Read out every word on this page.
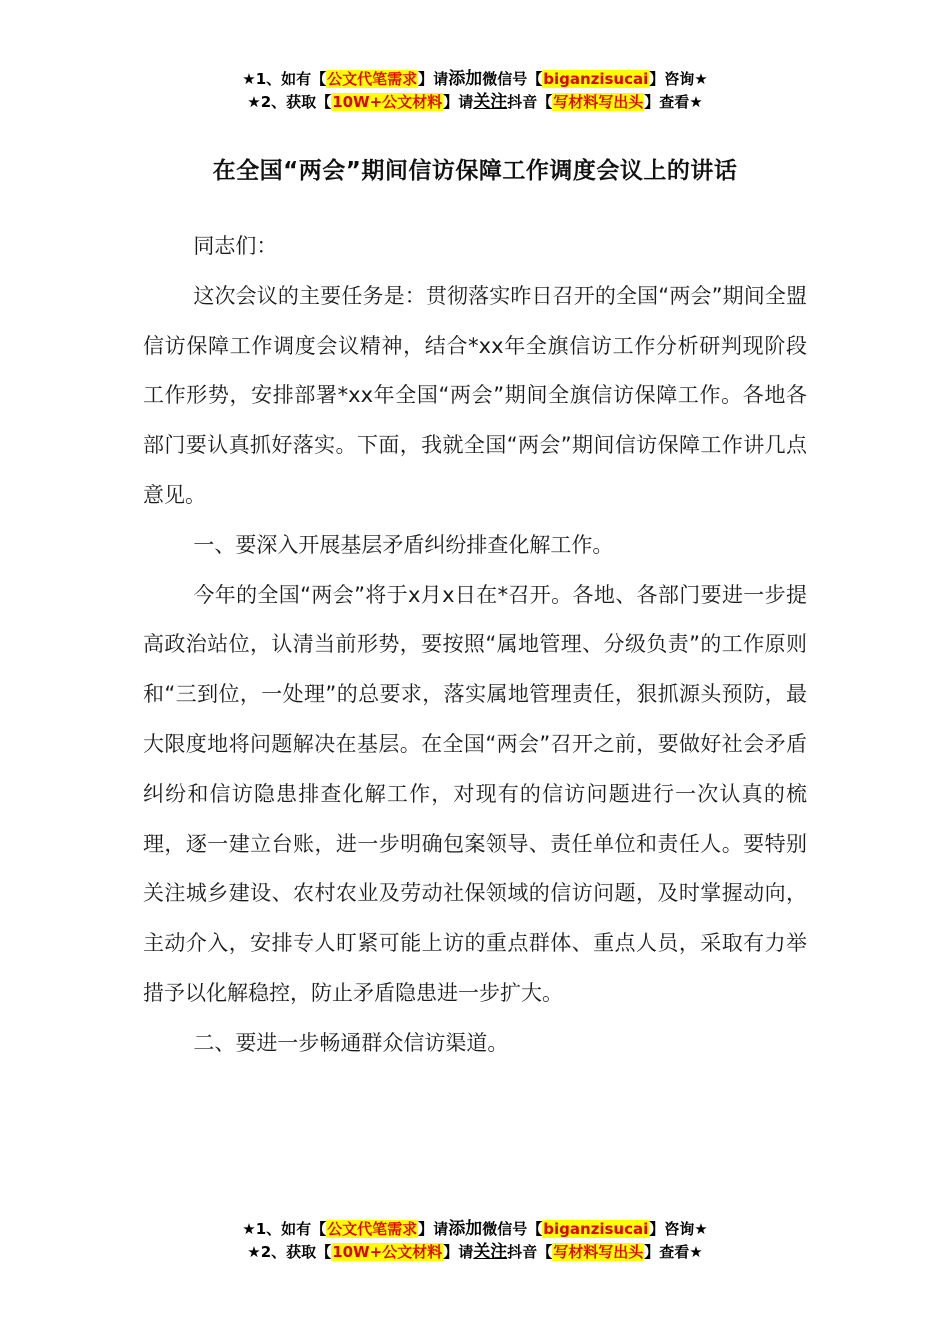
★1、如有【公文代笔需求】请添加微信号【biganzisucai】咨询★
★2、获取【10W+公文材料】请关注抖音【写材料写出头】查看★
在全国“两会”期间信访保障工作调度会议上的讲话

同志们：

这次会议的主要任务是：贯彻落实昨日召开的全国“两会”期间全盟信访保障工作调度会议精神，结合*xx年全旗信访工作分析研判现阶段工作形势，安排部署*xx年全国“两会”期间全旗信访保障工作。各地各部门要认真抓好落实。下面，我就全国“两会”期间信访保障工作讲几点意见。

一、要深入开展基层矛盾纠纷排查化解工作。

今年的全国“两会”将于x月x日在*召开。各地、各部门要进一步提高政治站位，认清当前形势，要按照“属地管理、分级负责”的工作原则和“三到位，一处理”的总要求，落实属地管理责任，狠抓源头预防，最大限度地将问题解决在基层。在全国“两会”召开之前，要做好社会矛盾纠纷和信访隐患排查化解工作，对现有的信访问题进行一次认真的梳理，逐一建立台账，进一步明确包案领导、责任单位和责任人。要特别关注城乡建设、农村农业及劳动社保领域的信访问题，及时掌握动向，主动介入，安排专人盯紧可能上访的重点群体、重点人员，采取有力举措予以化解稳控，防止矛盾隐患进一步扩大。

二、要进一步畅通群众信访渠道。

★1、如有【公文代笔需求】请添加微信号【biganzisucai】咨询★
★2、获取【10W+公文材料】请关注抖音【写材料写出头】查看★
